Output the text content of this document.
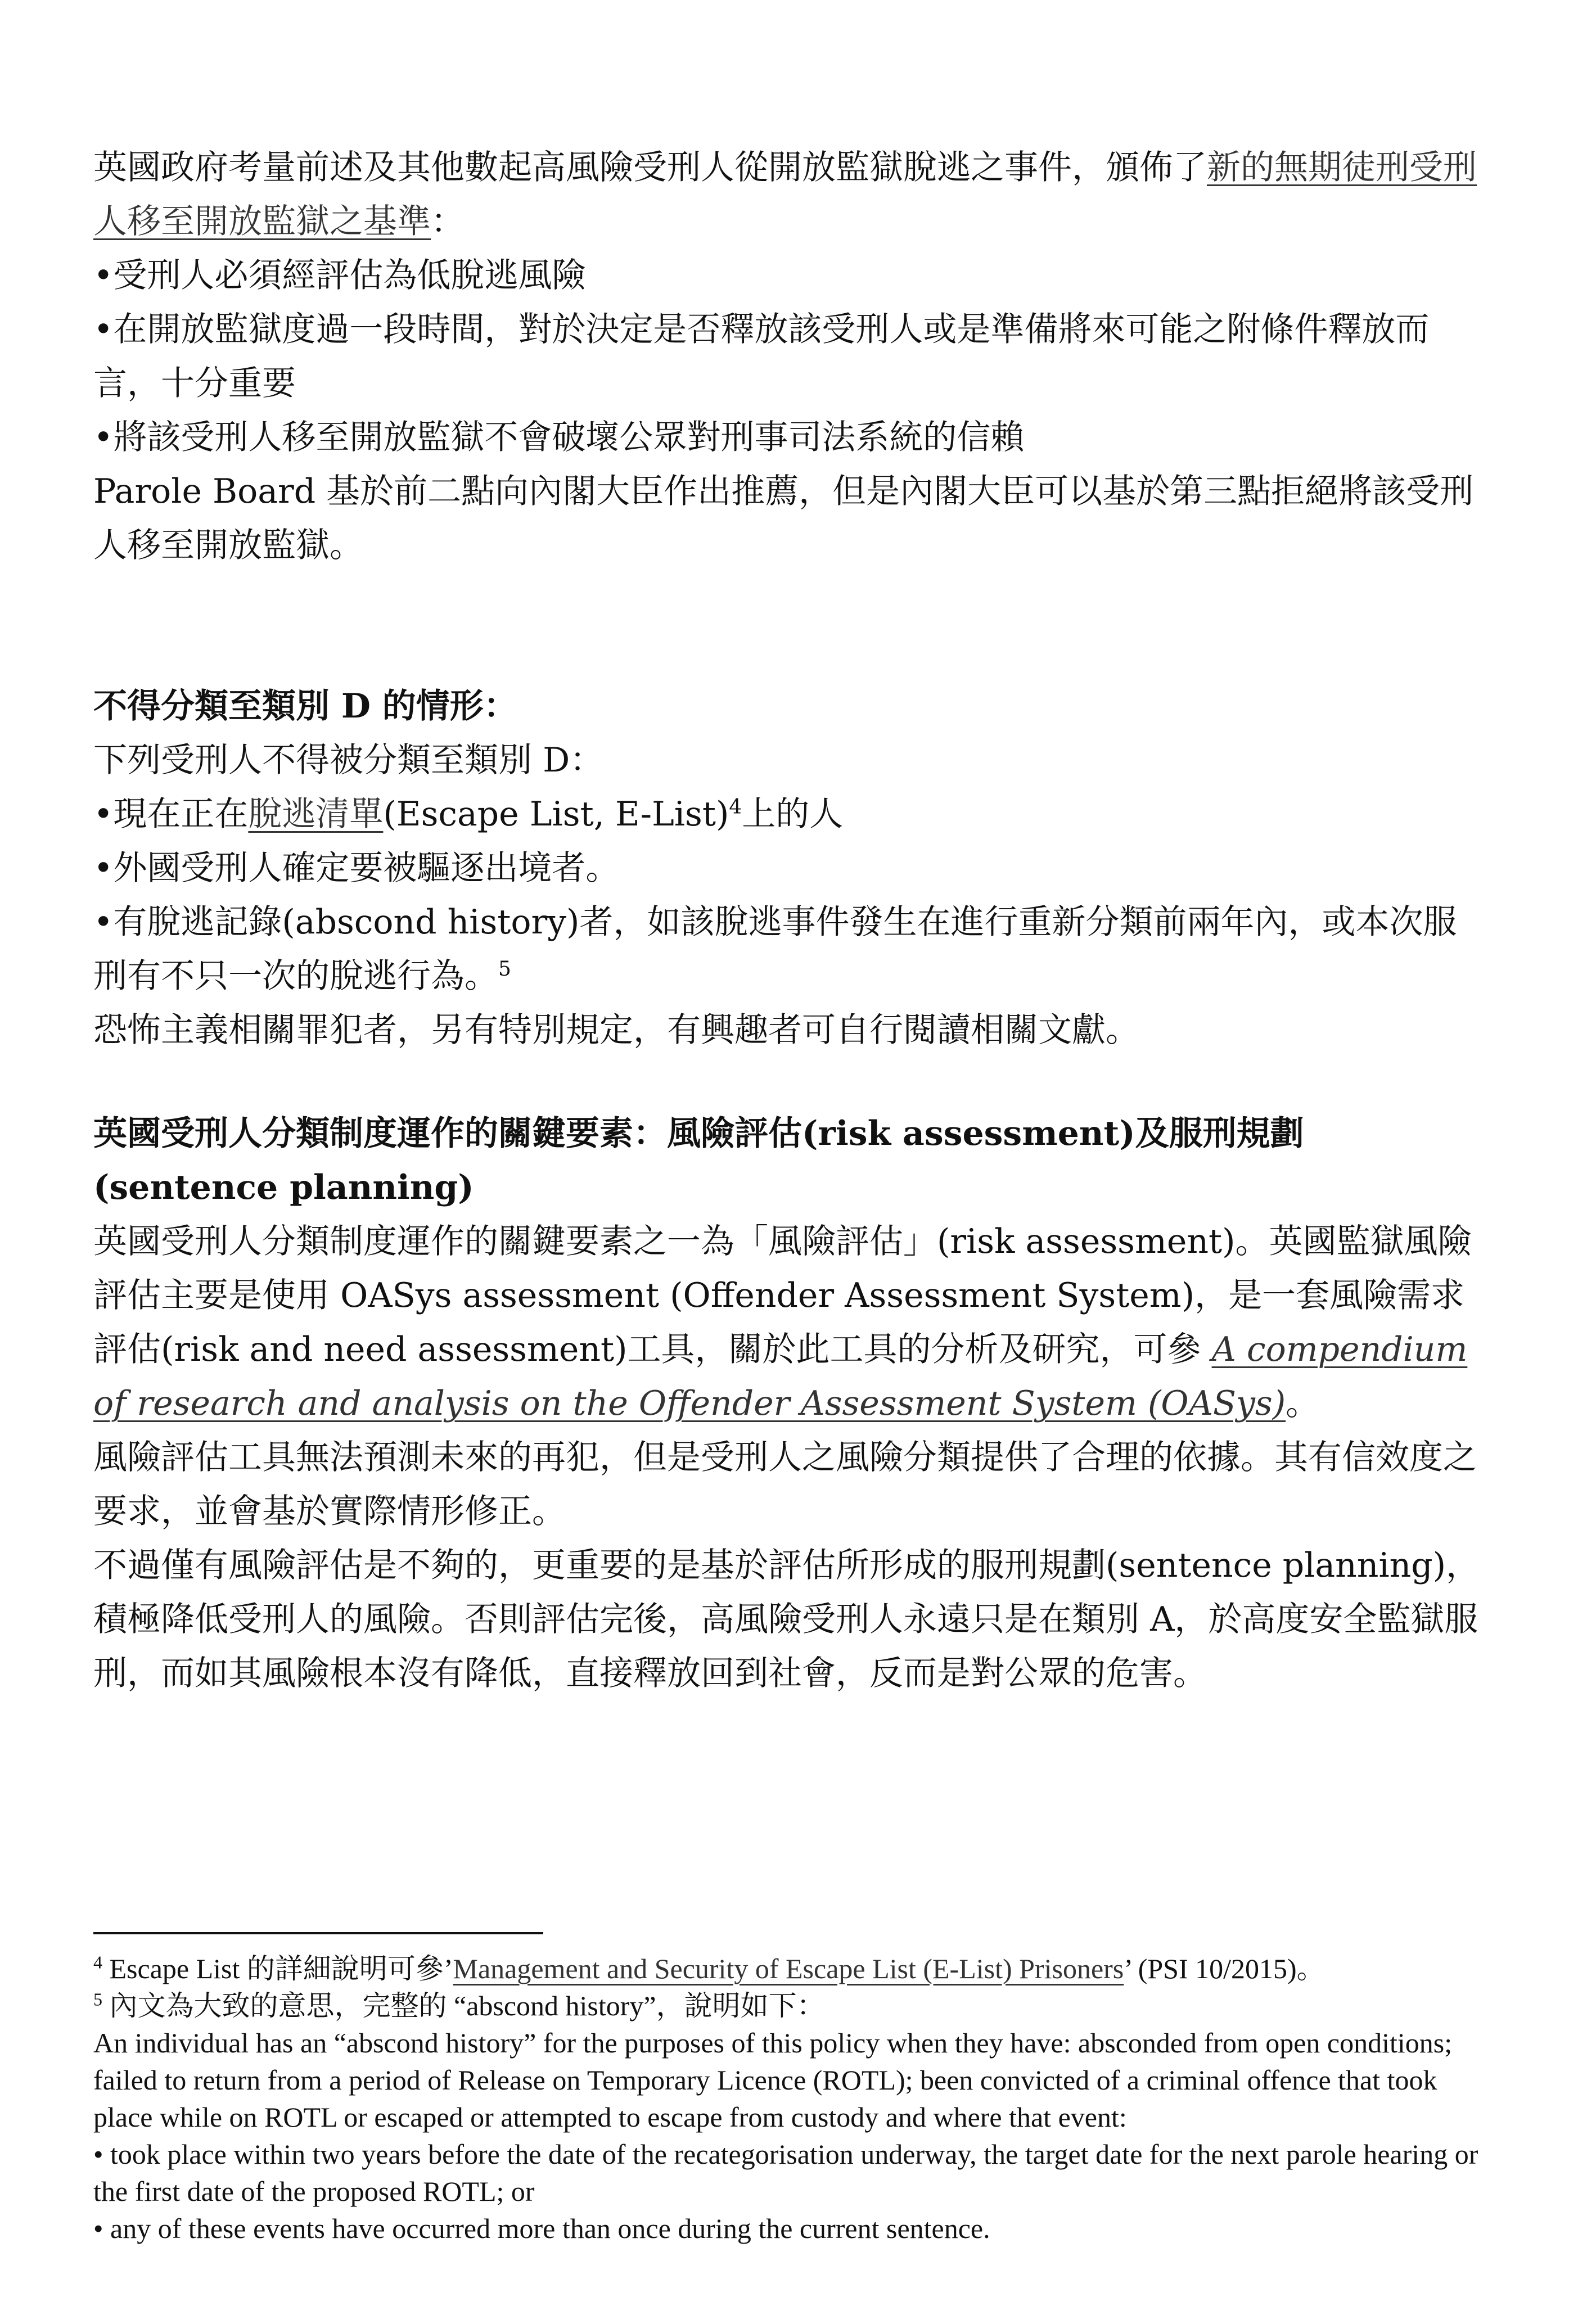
英國政府考量前述及其他數起高風險受刑人從開放監獄脫逃之事件，頒佈了新的無期徒刑受刑人移至開放監獄之基準：

•受刑人必須經評估為低脫逃風險

•在開放監獄度過一段時間，對於決定是否釋放該受刑人或是準備將來可能之附條件釋放而言，十分重要

•將該受刑人移至開放監獄不會破壞公眾對刑事司法系統的信賴

Parole Board 基於前二點向內閣大臣作出推薦，但是內閣大臣可以基於第三點拒絕將該受刑人移至開放監獄。

不得分類至類別 D 的情形：

下列受刑人不得被分類至類別 D：

•現在正在脫逃清單(Escape List, E-List)$^4$上的人

•外國受刑人確定要被驅逐出境者。

•有脫逃記錄(abscond history)者，如該脫逃事件發生在進行重新分類前兩年內，或本次服刑有不只一次的脫逃行為。$^5$

恐怖主義相關罪犯者，另有特別規定，有興趣者可自行閱讀相關文獻。

英國受刑人分類制度運作的關鍵要素：風險評估(risk assessment)及服刑規劃(sentence planning)

英國受刑人分類制度運作的關鍵要素之一為「風險評估」(risk assessment)。英國監獄風險評估主要是使用 OASys assessment (Offender Assessment System)，是一套風險需求評估(risk and need assessment)工具，關於此工具的分析及研究，可參 A compendium of research and analysis on the Offender Assessment System (OASys)。

風險評估工具無法預測未來的再犯，但是受刑人之風險分類提供了合理的依據。其有信效度之要求，並會基於實際情形修正。

不過僅有風險評估是不夠的，更重要的是基於評估所形成的服刑規劃(sentence planning)，積極降低受刑人的風險。否則評估完後，高風險受刑人永遠只是在類別 A，於高度安全監獄服刑，而如其風險根本沒有降低，直接釋放回到社會，反而是對公眾的危害。

$^4$ Escape List 的詳細說明可參’Management and Security of Escape List (E-List) Prisoners’ (PSI 10/2015)。

$^5$ 內文為大致的意思，完整的 “abscond history”，說明如下：

An individual has an “abscond history” for the purposes of this policy when they have: absconded from open conditions; failed to return from a period of Release on Temporary Licence (ROTL); been convicted of a criminal offence that took place while on ROTL or escaped or attempted to escape from custody and where that event:

• took place within two years before the date of the recategorisation underway, the target date for the next parole hearing or the first date of the proposed ROTL; or

• any of these events have occurred more than once during the current sentence.
